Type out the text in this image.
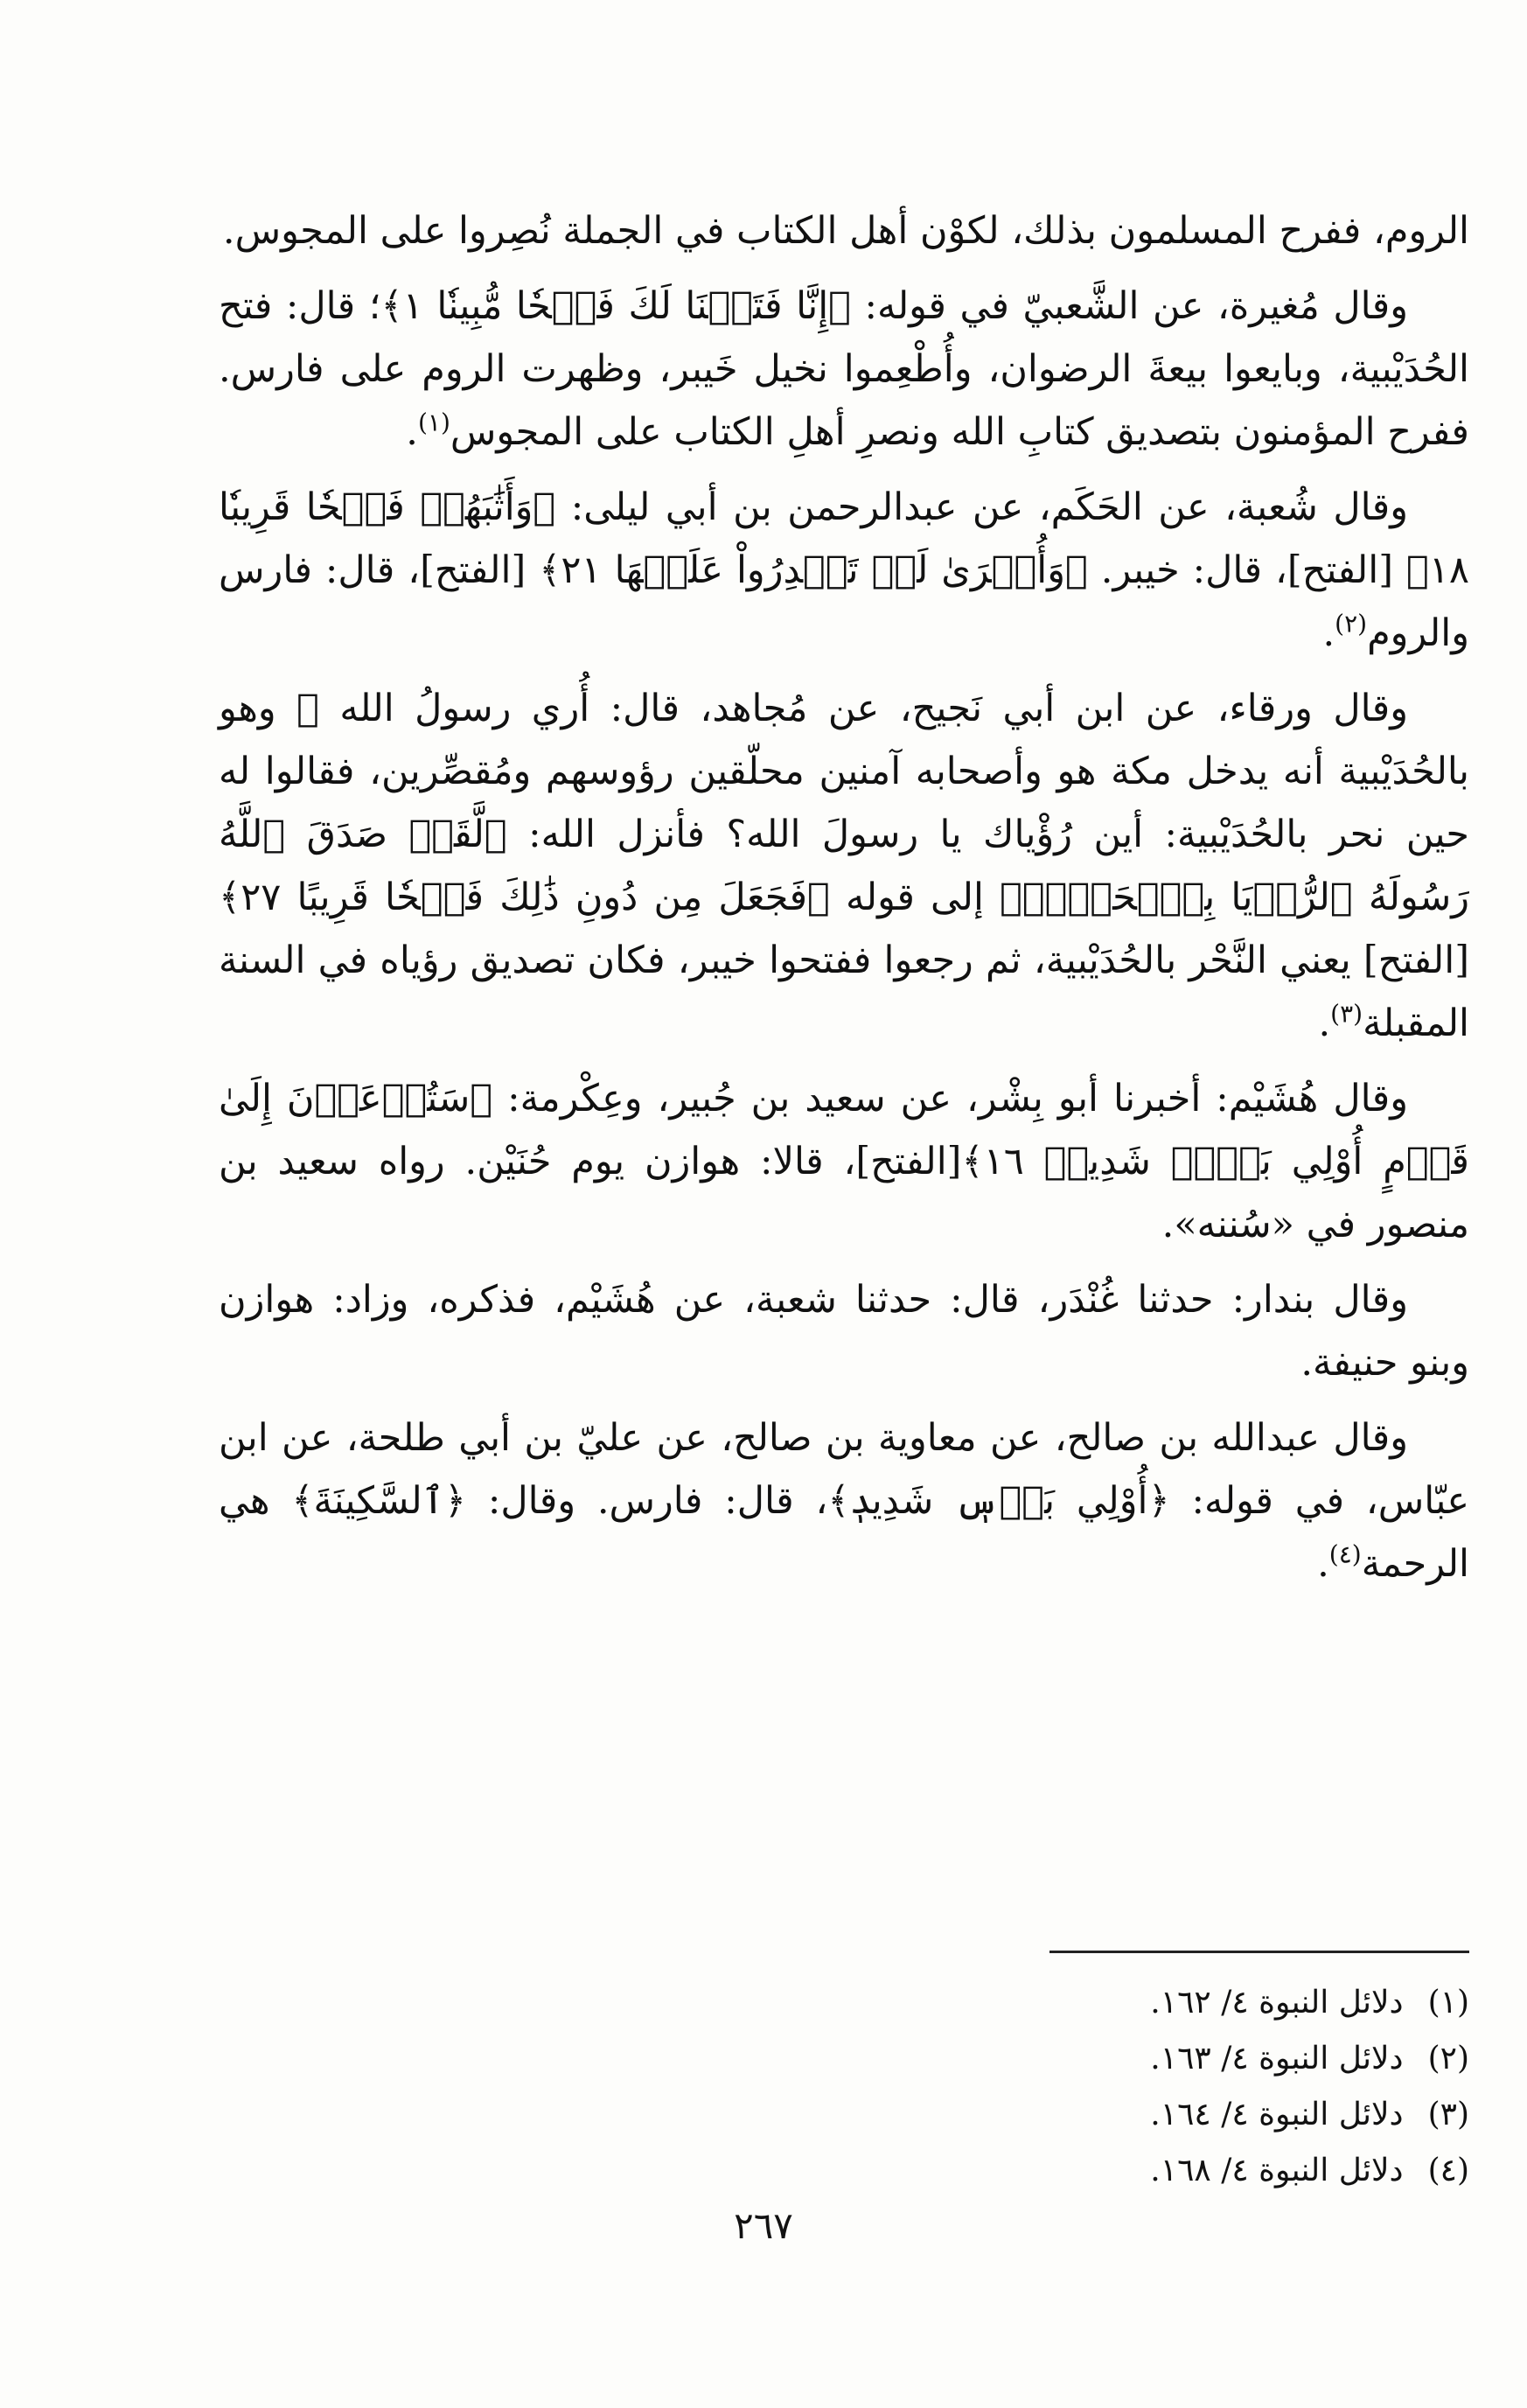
الروم، ففرح المسلمون بذلك، لكوْن أهل الكتاب في الجملة نُصِروا على المجوس.

وقال مُغيرة، عن الشَّعبيّ في قوله: ﴿إِنَّا فَتَحۡنَا لَكَ فَتۡحٗا مُّبِينٗا ١﴾؛ قال: فتح الحُدَيْبية، وبايعوا بيعةَ الرضوان، وأُطْعِموا نخيل خَيبر، وظهرت الروم على فارس. ففرح المؤمنون بتصديق كتابِ الله ونصرِ أهلِ الكتاب على المجوس$^{(١)}$.

وقال شُعبة، عن الحَكَم، عن عبدالرحمن بن أبي ليلى: ﴿وَأَثَٰبَهُمۡ فَتۡحٗا قَرِيبٗا ١٨﴾ [الفتح]، قال: خيبر. ﴿وَأُخۡرَىٰ لَمۡ تَقۡدِرُواْ عَلَيۡهَا ٢١﴾ [الفتح]، قال: فارس والروم$^{(٢)}$.

وقال ورقاء، عن ابن أبي نَجيح، عن مُجاهد، قال: أُري رسولُ الله ﷺ وهو بالحُدَيْبية أنه يدخل مكة هو وأصحابه آمنين محلّقين رؤوسهم ومُقصِّرين، فقالوا له حين نحر بالحُدَيْبية: أين رُؤْياك يا رسولَ الله؟ فأنزل الله: ﴿لَّقَدۡ صَدَقَ ٱللَّهُ رَسُولَهُ ٱلرُّءۡيَا بِٱلۡحَقِّۖ﴾ إلى قوله ﴿فَجَعَلَ مِن دُونِ ذَٰلِكَ فَتۡحٗا قَرِيبًا ٢٧﴾ [الفتح] يعني النَّحْر بالحُدَيْبية، ثم رجعوا ففتحوا خيبر، فكان تصديق رؤياه في السنة المقبلة$^{(٣)}$.

وقال هُشَيْم: أخبرنا أبو بِشْر، عن سعيد بن جُبير، وعِكْرمة: ﴿سَتُدۡعَوۡنَ إِلَىٰ قَوۡمٍ أُوْلِي بَأۡسٖ شَدِيدٖ ١٦﴾[الفتح]، قالا: هوازن يوم حُنَيْن. رواه سعيد بن منصور في «سُننه».

وقال بندار: حدثنا غُنْدَر، قال: حدثنا شعبة، عن هُشَيْم، فذكره، وزاد: هوازن وبنو حنيفة.

وقال عبدالله بن صالح، عن معاوية بن صالح، عن عليّ بن أبي طلحة، عن ابن عبّاس، في قوله: ﴿أُوْلِي بَأۡسٖ شَدِيدٖ﴾، قال: فارس. وقال: ﴿ٱلسَّكِينَةَ﴾ هي الرحمة$^{(٤)}$.

(١)دلائل النبوة ٤/ ١٦٢.
(٢)دلائل النبوة ٤/ ١٦٣.
(٣)دلائل النبوة ٤/ ١٦٤.
(٤)دلائل النبوة ٤/ ١٦٨.
٢٦٧
